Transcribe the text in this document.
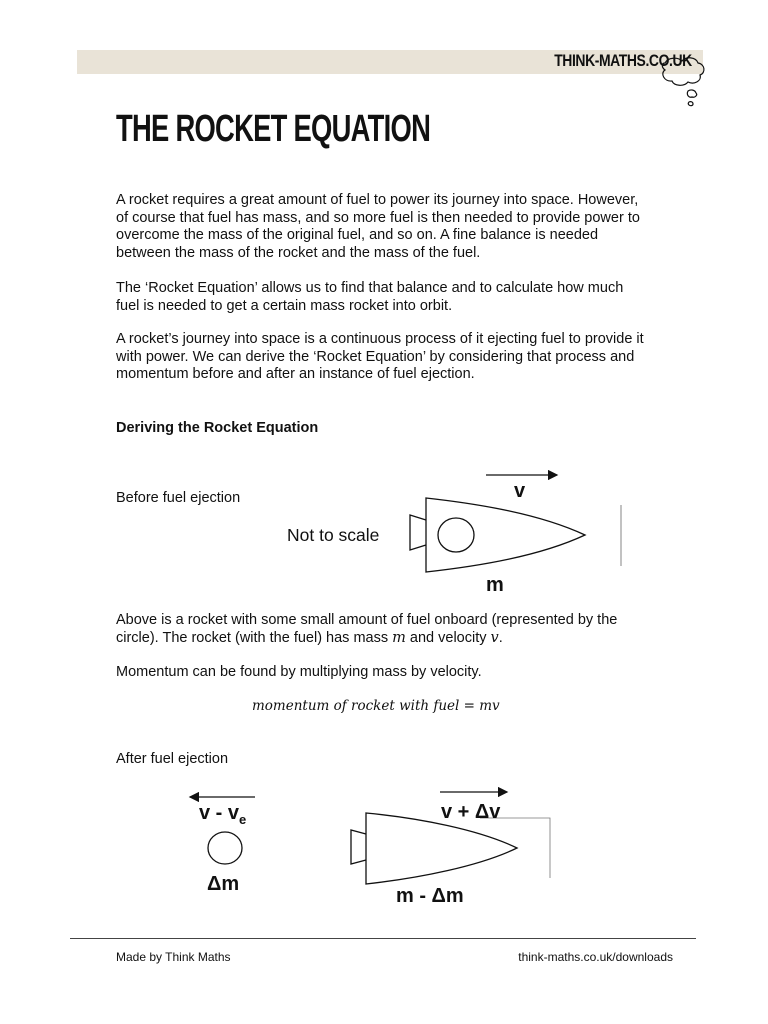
THINK-MATHS.CO.UK
THE ROCKET EQUATION

A rocket requires a great amount of fuel to power its journey into space. However, of course that fuel has mass, and so more fuel is then needed to provide power to overcome the mass of the original fuel, and so on. A fine balance is needed between the mass of the rocket and the mass of the fuel.

The ‘Rocket Equation’ allows us to find that balance and to calculate how much fuel is needed to get a certain mass rocket into orbit.

A rocket’s journey into space is a continuous process of it ejecting fuel to provide it with power. We can derive the ‘Rocket Equation’ by considering that process and momentum before and after an instance of fuel ejection.

Deriving the Rocket Equation
Before fuel ejection
Not to scale
v
m

Above is a rocket with some small amount of fuel onboard (represented by the circle). The rocket (with the fuel) has mass m and velocity v.

Momentum can be found by multiplying mass by velocity.

momentum of rocket with fuel = mv
After fuel ejection
v - $v_e$
Δm
v + Δv
m - Δm
Made by Think Maths	think-maths.co.uk/downloads
